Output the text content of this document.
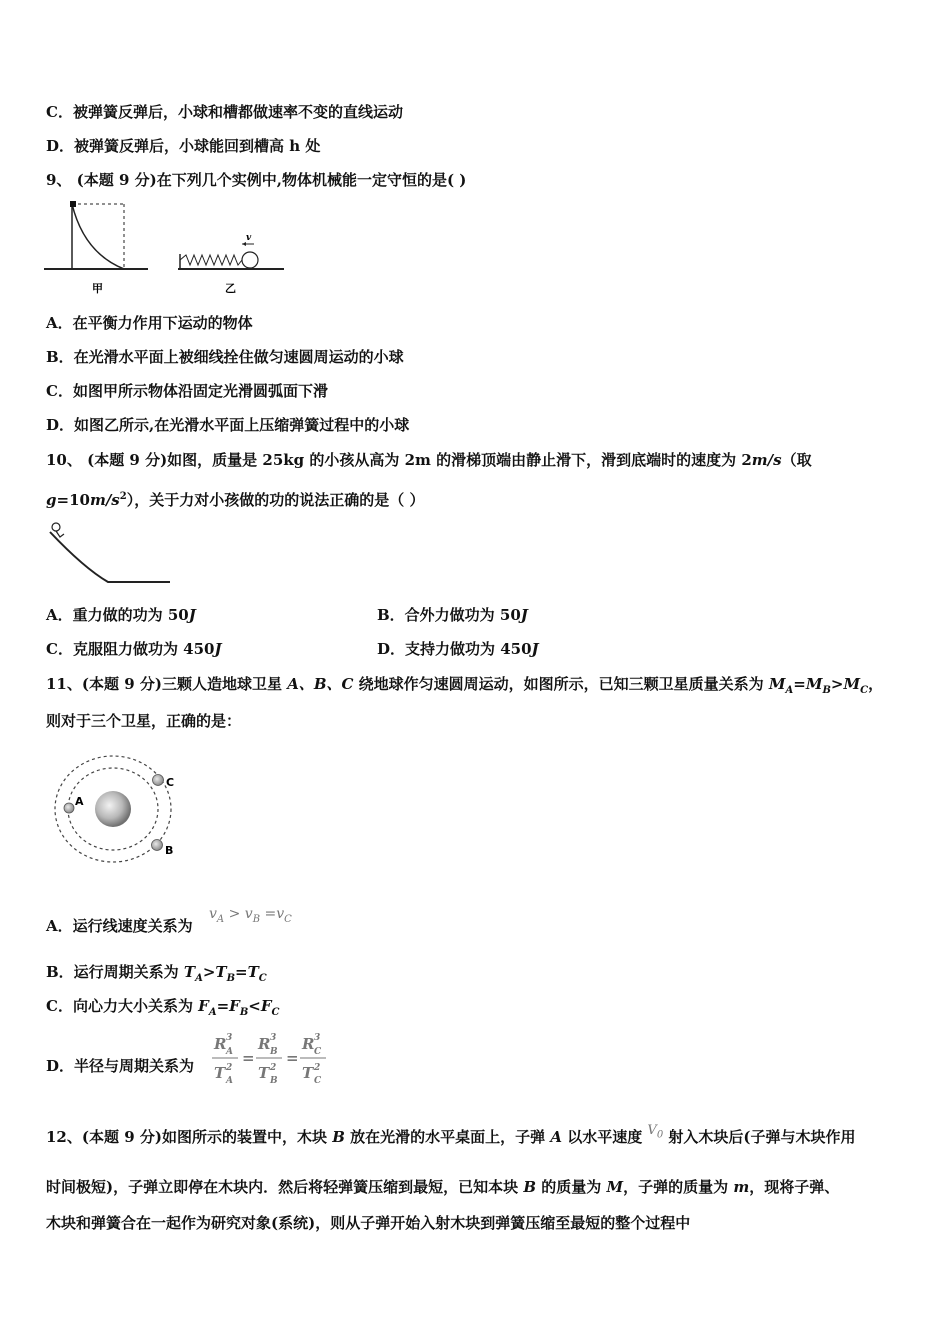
C．被弹簧反弹后，小球和槽都做速率不变的直线运动
D．被弹簧反弹后，小球能回到槽高 h 处
9、 (本题 9 分)在下列几个实例中,物体机械能一定守恒的是( )
甲
v
乙
A．在平衡力作用下运动的物体
B．在光滑水平面上被细线拴住做匀速圆周运动的小球
C．如图甲所示物体沿固定光滑圆弧面下滑
D．如图乙所示,在光滑水平面上压缩弹簧过程中的小球
10、 (本题 9 分)如图，质量是 25kg 的小孩从高为 2m 的滑梯顶端由静止滑下，滑到底端时的速度为 2m/s（取
$g=10m/s^2$），关于力对小孩做的功的说法正确的是（ ）
A．重力做的功为 50J	B．合外力做功为 50J
C．克服阻力做功为 450J	D．支持力做功为 450J
11、(本题 9 分)三颗人造地球卫星 A、B、C 绕地球作匀速圆周运动，如图所示，已知三颗卫星质量关系为 $M_A=M_B>M_C$，
则对于三个卫星，正确的是：
A
C
B
A．运行线速度关系为
$v_A > v_B =v_C$
B．运行周期关系为 $T_A>T_B=T_C$
C．向心力大小关系为 $F_A=F_B<F_C$
D．半径与周期关系为
R 3
A
T 2
A
=
R 3
B
T 2
B
=
R 3
C
T 2
C
12、(本题 9 分)如图所示的装置中，木块 B 放在光滑的水平桌面上，子弹 A 以水平速度 $V_0$ 射入木块后(子弹与木块作用
时间极短)，子弹立即停在木块内．然后将轻弹簧压缩到最短，已知本块 B 的质量为 M，子弹的质量为 m，现将子弹、
木块和弹簧合在一起作为研究对象(系统)，则从子弹开始入射木块到弹簧压缩至最短的整个过程中
